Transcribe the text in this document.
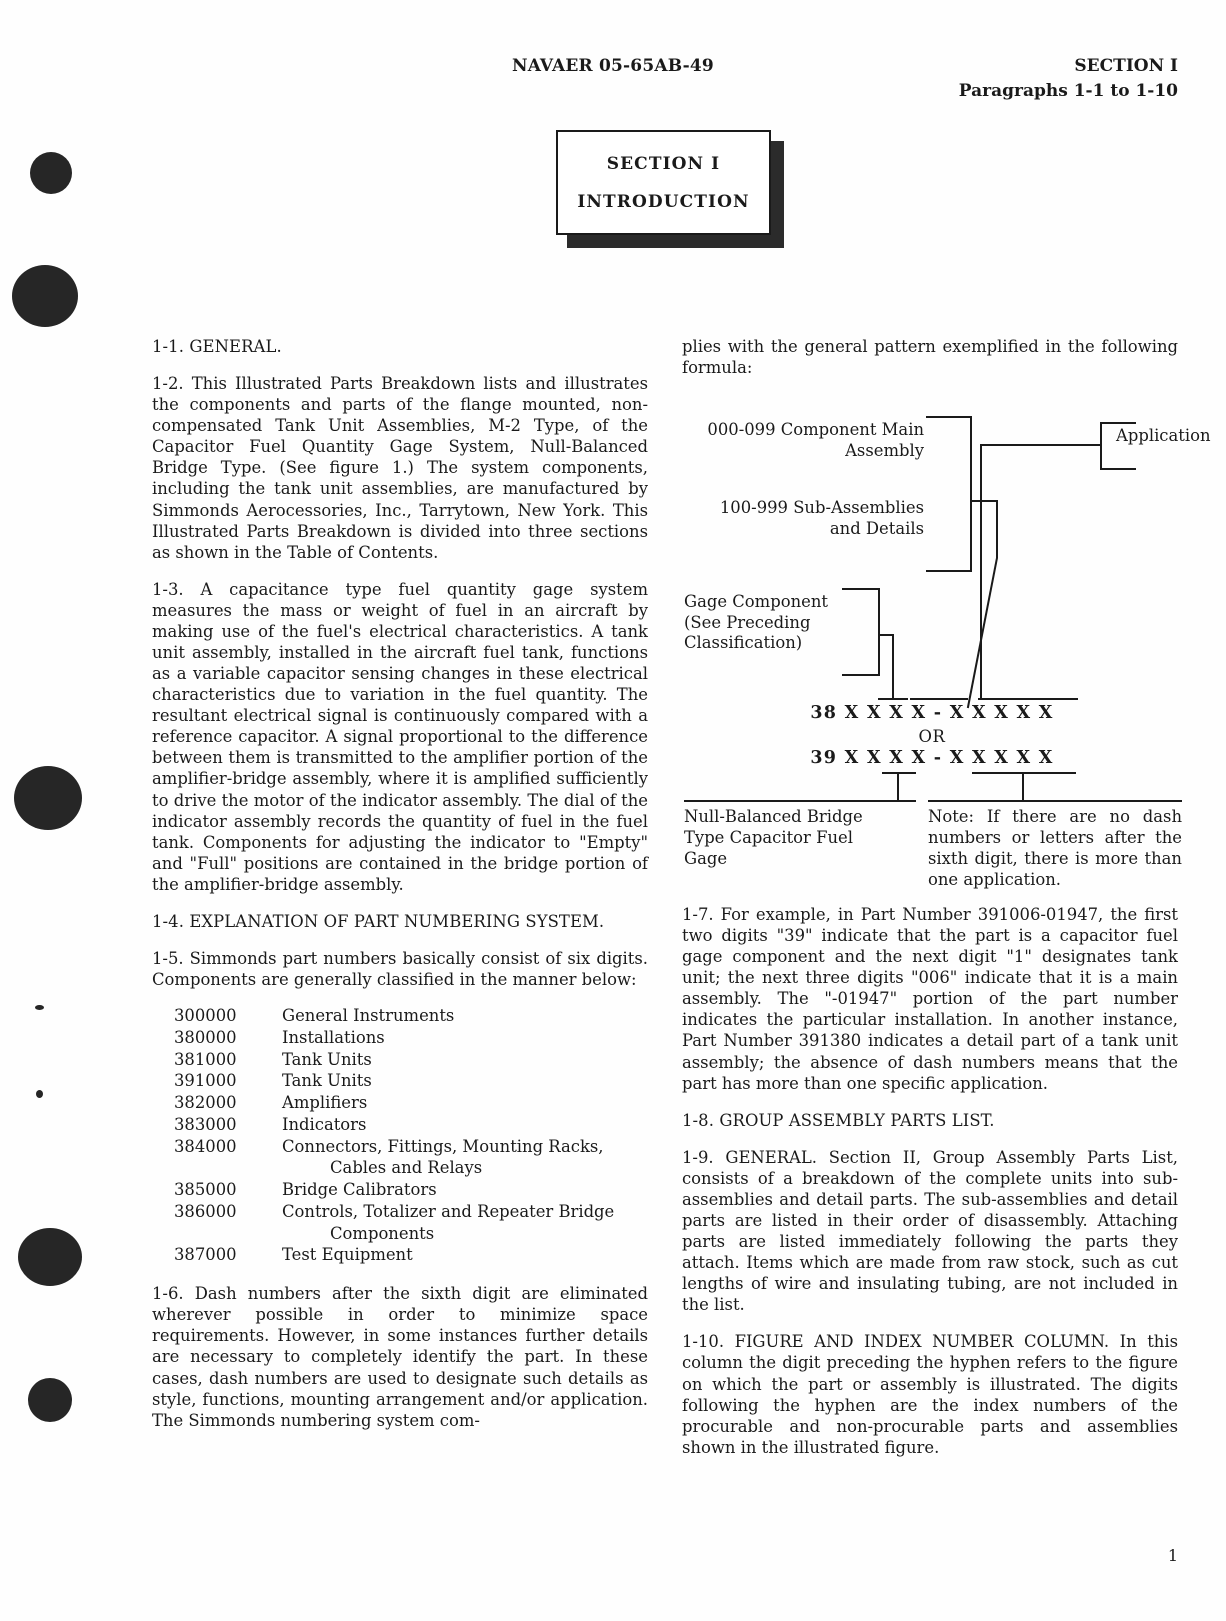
NAVAER 05-65AB-49	SECTION I
Paragraphs 1-1 to 1-10
SECTION I
INTRODUCTION

1-1. GENERAL.

1-2. This Illustrated Parts Breakdown lists and illustrates the components and parts of the flange mounted, non-compensated Tank Unit Assemblies, M-2 Type, of the Capacitor Fuel Quantity Gage System, Null-Balanced Bridge Type. (See figure 1.) The system components, including the tank unit assemblies, are manufactured by Simmonds Aerocessories, Inc., Tarrytown, New York. This Illustrated Parts Breakdown is divided into three sections as shown in the Table of Contents.

1-3. A capacitance type fuel quantity gage system measures the mass or weight of fuel in an aircraft by making use of the fuel's electrical characteristics. A tank unit assembly, installed in the aircraft fuel tank, functions as a variable capacitor sensing changes in these electrical characteristics due to variation in the fuel quantity. The resultant electrical signal is continuously compared with a reference capacitor. A signal proportional to the difference between them is transmitted to the amplifier portion of the amplifier-bridge assembly, where it is amplified sufficiently to drive the motor of the indicator assembly. The dial of the indicator assembly records the quantity of fuel in the fuel tank. Components for adjusting the indicator to "Empty" and "Full" positions are contained in the bridge portion of the amplifier-bridge assembly.

1-4. EXPLANATION OF PART NUMBERING SYSTEM.

1-5. Simmonds part numbers basically consist of six digits. Components are generally classified in the manner below:

300000	General Instruments
380000	Installations
381000	Tank Units
391000	Tank Units
382000	Amplifiers
383000	Indicators
384000	Connectors, Fittings, Mounting Racks,
	Cables and Relays
385000	Bridge Calibrators
386000	Controls, Totalizer and Repeater Bridge
	Components
387000	Test Equipment

1-6. Dash numbers after the sixth digit are eliminated wherever possible in order to minimize space requirements. However, in some instances further details are necessary to completely identify the part. In these cases, dash numbers are used to designate such details as style, functions, mounting arrangement and/or application. The Simmonds numbering system com-

plies with the general pattern exemplified in the following formula:

000-099 Component Main
Assembly
100-999 Sub-Assemblies
and Details
Gage Component
(See Preceding
Classification)
Application
38 X X X X - X X X X X
OR
39 X X X X - X X X X X
Null-Balanced Bridge
Type Capacitor Fuel
Gage
Note: If there are no dash numbers or letters after the sixth digit, there is more than one application.

1-7. For example, in Part Number 391006-01947, the first two digits "39" indicate that the part is a capacitor fuel gage component and the next digit "1" designates tank unit; the next three digits "006" indicate that it is a main assembly. The "-01947" portion of the part number indicates the particular installation. In another instance, Part Number 391380 indicates a detail part of a tank unit assembly; the absence of dash numbers means that the part has more than one specific application.

1-8. GROUP ASSEMBLY PARTS LIST.

1-9. GENERAL. Section II, Group Assembly Parts List, consists of a breakdown of the complete units into sub-assemblies and detail parts. The sub-assemblies and detail parts are listed in their order of disassembly. Attaching parts are listed immediately following the parts they attach. Items which are made from raw stock, such as cut lengths of wire and insulating tubing, are not included in the list.

1-10. FIGURE AND INDEX NUMBER COLUMN. In this column the digit preceding the hyphen refers to the figure on which the part or assembly is illustrated. The digits following the hyphen are the index numbers of the procurable and non-procurable parts and assemblies shown in the illustrated figure.

1
